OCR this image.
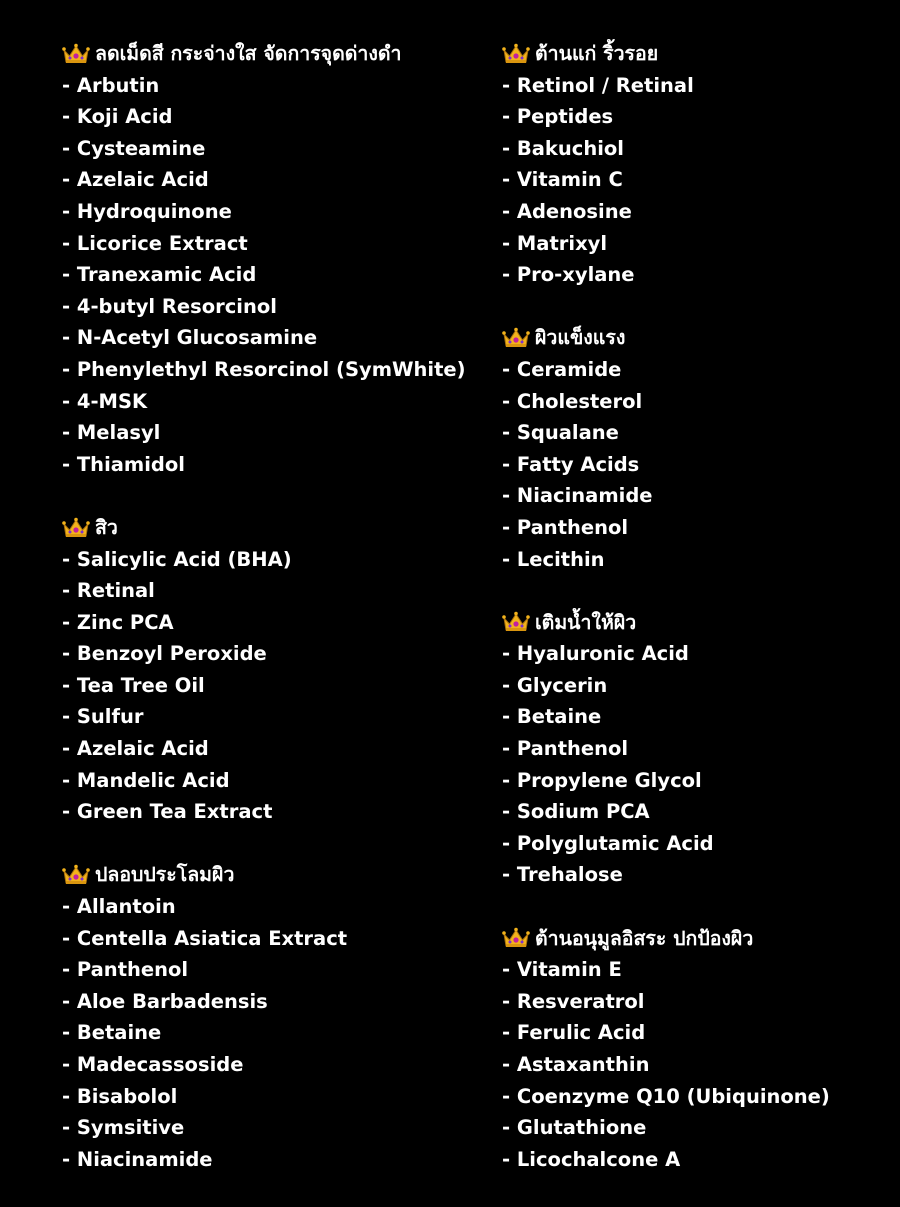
ลดเม็ดสี กระจ่างใส จัดการจุดด่างดำ
- Arbutin
- Koji Acid
- Cysteamine
- Azelaic Acid
- Hydroquinone
- Licorice Extract
- Tranexamic Acid
- 4-butyl Resorcinol
- N-Acetyl Glucosamine
- Phenylethyl Resorcinol (SymWhite)
- 4-MSK
- Melasyl
- Thiamidol
สิว
- Salicylic Acid (BHA)
- Retinal
- Zinc PCA
- Benzoyl Peroxide
- Tea Tree Oil
- Sulfur
- Azelaic Acid
- Mandelic Acid
- Green Tea Extract
ปลอบประโลมผิว
- Allantoin
- Centella Asiatica Extract
- Panthenol
- Aloe Barbadensis
- Betaine
- Madecassoside
- Bisabolol
- Symsitive
- Niacinamide
ต้านแก่ ริ้วรอย
- Retinol / Retinal
- Peptides
- Bakuchiol
- Vitamin C
- Adenosine
- Matrixyl
- Pro-xylane
ผิวแข็งแรง
- Ceramide
- Cholesterol
- Squalane
- Fatty Acids
- Niacinamide
- Panthenol
- Lecithin
เติมน้ำให้ผิว
- Hyaluronic Acid
- Glycerin
- Betaine
- Panthenol
- Propylene Glycol
- Sodium PCA
- Polyglutamic Acid
- Trehalose
ต้านอนุมูลอิสระ ปกป้องผิว
- Vitamin E
- Resveratrol
- Ferulic Acid
- Astaxanthin
- Coenzyme Q10 (Ubiquinone)
- Glutathione
- Licochalcone A
